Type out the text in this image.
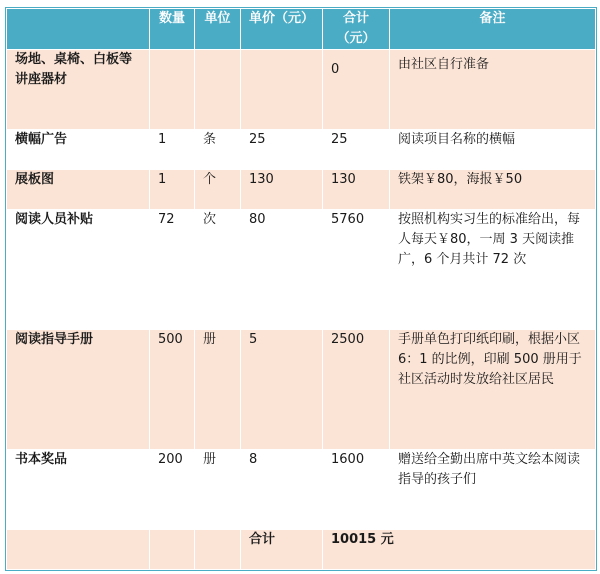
	数量	单位	单价（元）	合计（元）	备注
场地、桌椅、白板等讲座器材				0	由社区自行准备
横幅广告	1	条	25	25	阅读项目名称的横幅
展板图	1	个	130	130	铁架￥80，海报￥50
阅读人员补贴	72	次	80	5760	按照机构实习生的标准给出，每人每天￥80，一周 3 天阅读推广，6 个月共计 72 次
阅读指导手册	500	册	5	2500	手册单色打印纸印刷，根据小区 6：1 的比例，印刷 500 册用于社区活动时发放给社区居民
书本奖品	200	册	8	1600	赠送给全勤出席中英文绘本阅读指导的孩子们
			合计	10015 元	
